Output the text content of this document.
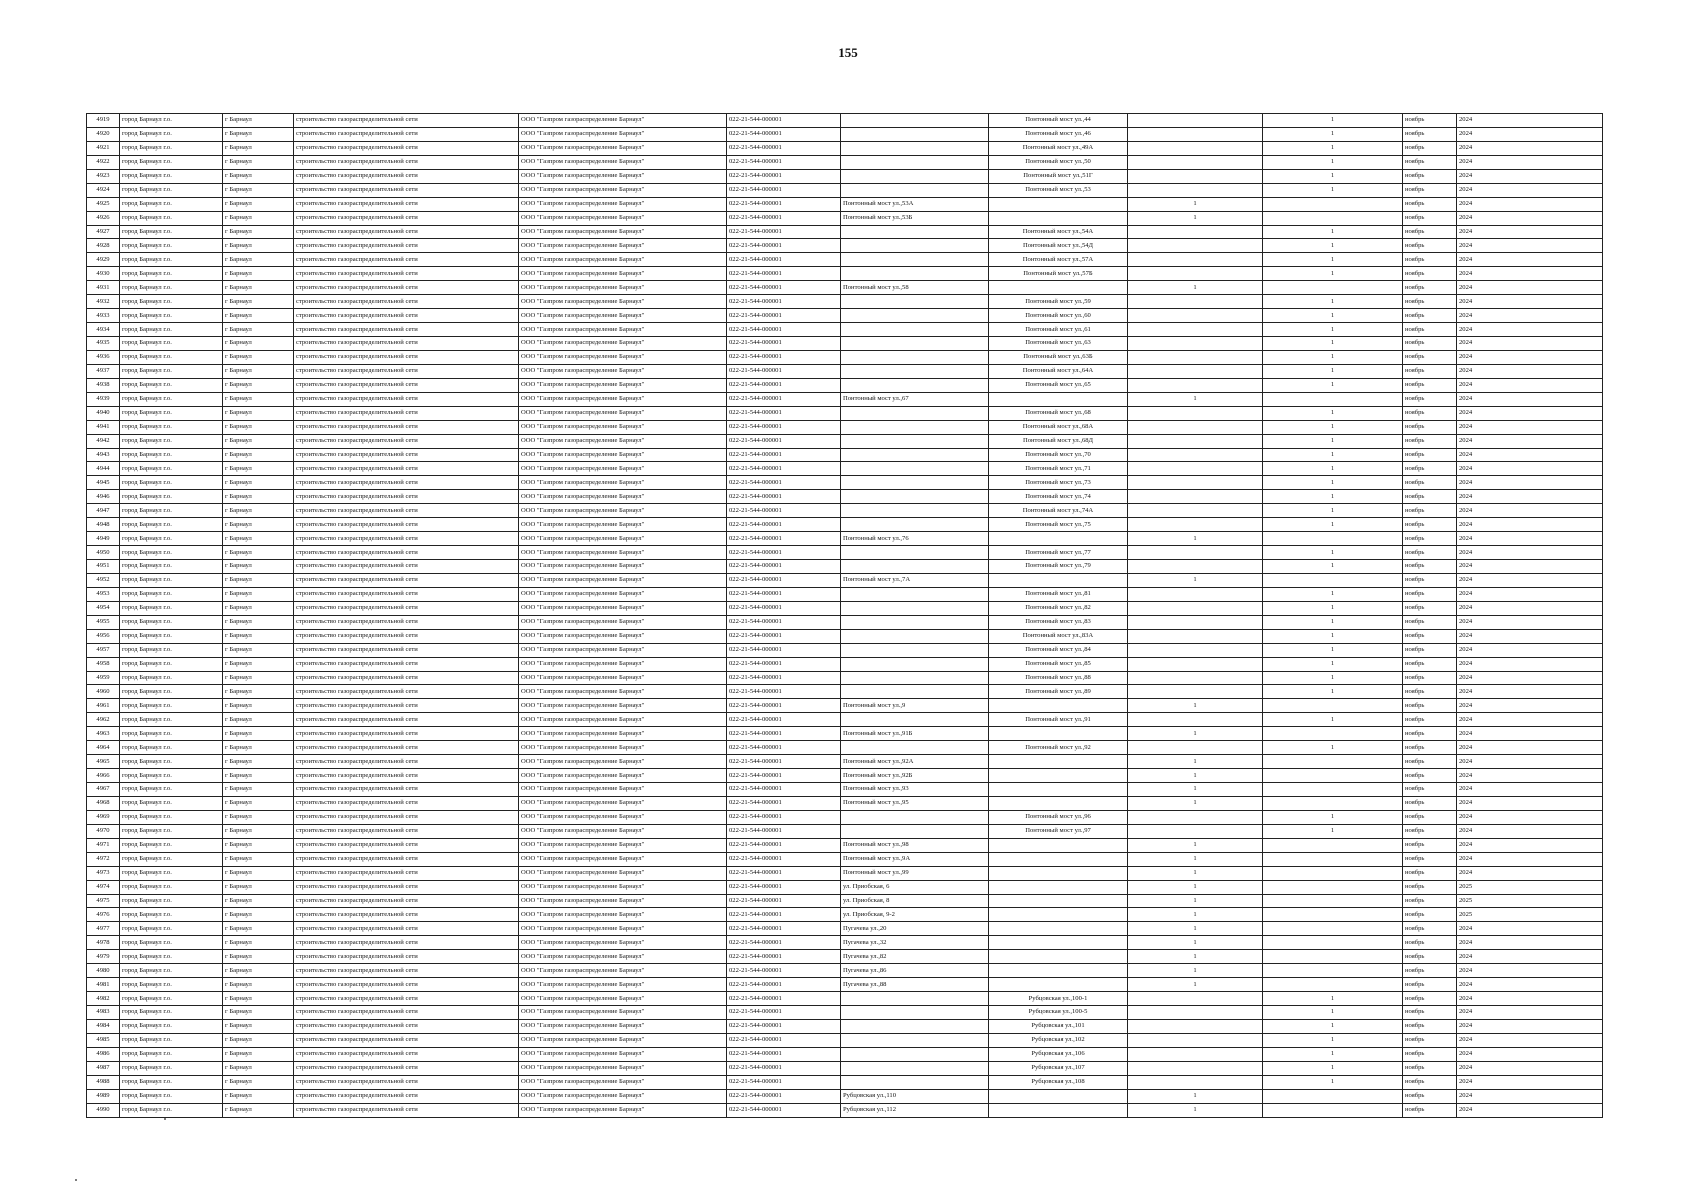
155
4919	город Барнаул г.о.	г Барнаул	строительство газораспределительной сети	ООО "Газпром газораспределение Барнаул"	022-21-544-000001		Понтонный мост ул.,44		1	ноябрь	2024
4920	город Барнаул г.о.	г Барнаул	строительство газораспределительной сети	ООО "Газпром газораспределение Барнаул"	022-21-544-000001		Понтонный мост ул.,46		1	ноябрь	2024
4921	город Барнаул г.о.	г Барнаул	строительство газораспределительной сети	ООО "Газпром газораспределение Барнаул"	022-21-544-000001		Понтонный мост ул.,49А		1	ноябрь	2024
4922	город Барнаул г.о.	г Барнаул	строительство газораспределительной сети	ООО "Газпром газораспределение Барнаул"	022-21-544-000001		Понтонный мост ул.,50		1	ноябрь	2024
4923	город Барнаул г.о.	г Барнаул	строительство газораспределительной сети	ООО "Газпром газораспределение Барнаул"	022-21-544-000001		Понтонный мост ул.,51Г		1	ноябрь	2024
4924	город Барнаул г.о.	г Барнаул	строительство газораспределительной сети	ООО "Газпром газораспределение Барнаул"	022-21-544-000001		Понтонный мост ул.,53		1	ноябрь	2024
4925	город Барнаул г.о.	г Барнаул	строительство газораспределительной сети	ООО "Газпром газораспределение Барнаул"	022-21-544-000001	Понтонный мост ул.,53А		1		ноябрь	2024
4926	город Барнаул г.о.	г Барнаул	строительство газораспределительной сети	ООО "Газпром газораспределение Барнаул"	022-21-544-000001	Понтонный мост ул.,53Б		1		ноябрь	2024
4927	город Барнаул г.о.	г Барнаул	строительство газораспределительной сети	ООО "Газпром газораспределение Барнаул"	022-21-544-000001		Понтонный мост ул.,54А		1	ноябрь	2024
4928	город Барнаул г.о.	г Барнаул	строительство газораспределительной сети	ООО "Газпром газораспределение Барнаул"	022-21-544-000001		Понтонный мост ул.,54Д		1	ноябрь	2024
4929	город Барнаул г.о.	г Барнаул	строительство газораспределительной сети	ООО "Газпром газораспределение Барнаул"	022-21-544-000001		Понтонный мост ул.,57А		1	ноябрь	2024
4930	город Барнаул г.о.	г Барнаул	строительство газораспределительной сети	ООО "Газпром газораспределение Барнаул"	022-21-544-000001		Понтонный мост ул.,57Б		1	ноябрь	2024
4931	город Барнаул г.о.	г Барнаул	строительство газораспределительной сети	ООО "Газпром газораспределение Барнаул"	022-21-544-000001	Понтонный мост ул.,58		1		ноябрь	2024
4932	город Барнаул г.о.	г Барнаул	строительство газораспределительной сети	ООО "Газпром газораспределение Барнаул"	022-21-544-000001		Понтонный мост ул.,59		1	ноябрь	2024
4933	город Барнаул г.о.	г Барнаул	строительство газораспределительной сети	ООО "Газпром газораспределение Барнаул"	022-21-544-000001		Понтонный мост ул.,60		1	ноябрь	2024
4934	город Барнаул г.о.	г Барнаул	строительство газораспределительной сети	ООО "Газпром газораспределение Барнаул"	022-21-544-000001		Понтонный мост ул.,61		1	ноябрь	2024
4935	город Барнаул г.о.	г Барнаул	строительство газораспределительной сети	ООО "Газпром газораспределение Барнаул"	022-21-544-000001		Понтонный мост ул.,63		1	ноябрь	2024
4936	город Барнаул г.о.	г Барнаул	строительство газораспределительной сети	ООО "Газпром газораспределение Барнаул"	022-21-544-000001		Понтонный мост ул.,63Б		1	ноябрь	2024
4937	город Барнаул г.о.	г Барнаул	строительство газораспределительной сети	ООО "Газпром газораспределение Барнаул"	022-21-544-000001		Понтонный мост ул.,64А		1	ноябрь	2024
4938	город Барнаул г.о.	г Барнаул	строительство газораспределительной сети	ООО "Газпром газораспределение Барнаул"	022-21-544-000001		Понтонный мост ул.,65		1	ноябрь	2024
4939	город Барнаул г.о.	г Барнаул	строительство газораспределительной сети	ООО "Газпром газораспределение Барнаул"	022-21-544-000001	Понтонный мост ул.,67		1		ноябрь	2024
4940	город Барнаул г.о.	г Барнаул	строительство газораспределительной сети	ООО "Газпром газораспределение Барнаул"	022-21-544-000001		Понтонный мост ул.,68		1	ноябрь	2024
4941	город Барнаул г.о.	г Барнаул	строительство газораспределительной сети	ООО "Газпром газораспределение Барнаул"	022-21-544-000001		Понтонный мост ул.,68А		1	ноябрь	2024
4942	город Барнаул г.о.	г Барнаул	строительство газораспределительной сети	ООО "Газпром газораспределение Барнаул"	022-21-544-000001		Понтонный мост ул.,68Д		1	ноябрь	2024
4943	город Барнаул г.о.	г Барнаул	строительство газораспределительной сети	ООО "Газпром газораспределение Барнаул"	022-21-544-000001		Понтонный мост ул.,70		1	ноябрь	2024
4944	город Барнаул г.о.	г Барнаул	строительство газораспределительной сети	ООО "Газпром газораспределение Барнаул"	022-21-544-000001		Понтонный мост ул.,71		1	ноябрь	2024
4945	город Барнаул г.о.	г Барнаул	строительство газораспределительной сети	ООО "Газпром газораспределение Барнаул"	022-21-544-000001		Понтонный мост ул.,73		1	ноябрь	2024
4946	город Барнаул г.о.	г Барнаул	строительство газораспределительной сети	ООО "Газпром газораспределение Барнаул"	022-21-544-000001		Понтонный мост ул.,74		1	ноябрь	2024
4947	город Барнаул г.о.	г Барнаул	строительство газораспределительной сети	ООО "Газпром газораспределение Барнаул"	022-21-544-000001		Понтонный мост ул.,74А		1	ноябрь	2024
4948	город Барнаул г.о.	г Барнаул	строительство газораспределительной сети	ООО "Газпром газораспределение Барнаул"	022-21-544-000001		Понтонный мост ул.,75		1	ноябрь	2024
4949	город Барнаул г.о.	г Барнаул	строительство газораспределительной сети	ООО "Газпром газораспределение Барнаул"	022-21-544-000001	Понтонный мост ул.,76		1		ноябрь	2024
4950	город Барнаул г.о.	г Барнаул	строительство газораспределительной сети	ООО "Газпром газораспределение Барнаул"	022-21-544-000001		Понтонный мост ул.,77		1	ноябрь	2024
4951	город Барнаул г.о.	г Барнаул	строительство газораспределительной сети	ООО "Газпром газораспределение Барнаул"	022-21-544-000001		Понтонный мост ул.,79		1	ноябрь	2024
4952	город Барнаул г.о.	г Барнаул	строительство газораспределительной сети	ООО "Газпром газораспределение Барнаул"	022-21-544-000001	Понтонный мост ул.,7А		1		ноябрь	2024
4953	город Барнаул г.о.	г Барнаул	строительство газораспределительной сети	ООО "Газпром газораспределение Барнаул"	022-21-544-000001		Понтонный мост ул.,81		1	ноябрь	2024
4954	город Барнаул г.о.	г Барнаул	строительство газораспределительной сети	ООО "Газпром газораспределение Барнаул"	022-21-544-000001		Понтонный мост ул.,82		1	ноябрь	2024
4955	город Барнаул г.о.	г Барнаул	строительство газораспределительной сети	ООО "Газпром газораспределение Барнаул"	022-21-544-000001		Понтонный мост ул.,83		1	ноябрь	2024
4956	город Барнаул г.о.	г Барнаул	строительство газораспределительной сети	ООО "Газпром газораспределение Барнаул"	022-21-544-000001		Понтонный мост ул.,83А		1	ноябрь	2024
4957	город Барнаул г.о.	г Барнаул	строительство газораспределительной сети	ООО "Газпром газораспределение Барнаул"	022-21-544-000001		Понтонный мост ул.,84		1	ноябрь	2024
4958	город Барнаул г.о.	г Барнаул	строительство газораспределительной сети	ООО "Газпром газораспределение Барнаул"	022-21-544-000001		Понтонный мост ул.,85		1	ноябрь	2024
4959	город Барнаул г.о.	г Барнаул	строительство газораспределительной сети	ООО "Газпром газораспределение Барнаул"	022-21-544-000001		Понтонный мост ул.,88		1	ноябрь	2024
4960	город Барнаул г.о.	г Барнаул	строительство газораспределительной сети	ООО "Газпром газораспределение Барнаул"	022-21-544-000001		Понтонный мост ул.,89		1	ноябрь	2024
4961	город Барнаул г.о.	г Барнаул	строительство газораспределительной сети	ООО "Газпром газораспределение Барнаул"	022-21-544-000001	Понтонный мост ул.,9		1		ноябрь	2024
4962	город Барнаул г.о.	г Барнаул	строительство газораспределительной сети	ООО "Газпром газораспределение Барнаул"	022-21-544-000001		Понтонный мост ул.,91		1	ноябрь	2024
4963	город Барнаул г.о.	г Барнаул	строительство газораспределительной сети	ООО "Газпром газораспределение Барнаул"	022-21-544-000001	Понтонный мост ул.,91Б		1		ноябрь	2024
4964	город Барнаул г.о.	г Барнаул	строительство газораспределительной сети	ООО "Газпром газораспределение Барнаул"	022-21-544-000001		Понтонный мост ул.,92		1	ноябрь	2024
4965	город Барнаул г.о.	г Барнаул	строительство газораспределительной сети	ООО "Газпром газораспределение Барнаул"	022-21-544-000001	Понтонный мост ул.,92А		1		ноябрь	2024
4966	город Барнаул г.о.	г Барнаул	строительство газораспределительной сети	ООО "Газпром газораспределение Барнаул"	022-21-544-000001	Понтонный мост ул.,92Б		1		ноябрь	2024
4967	город Барнаул г.о.	г Барнаул	строительство газораспределительной сети	ООО "Газпром газораспределение Барнаул"	022-21-544-000001	Понтонный мост ул.,93		1		ноябрь	2024
4968	город Барнаул г.о.	г Барнаул	строительство газораспределительной сети	ООО "Газпром газораспределение Барнаул"	022-21-544-000001	Понтонный мост ул.,95		1		ноябрь	2024
4969	город Барнаул г.о.	г Барнаул	строительство газораспределительной сети	ООО "Газпром газораспределение Барнаул"	022-21-544-000001		Понтонный мост ул.,96		1	ноябрь	2024
4970	город Барнаул г.о.	г Барнаул	строительство газораспределительной сети	ООО "Газпром газораспределение Барнаул"	022-21-544-000001		Понтонный мост ул.,97		1	ноябрь	2024
4971	город Барнаул г.о.	г Барнаул	строительство газораспределительной сети	ООО "Газпром газораспределение Барнаул"	022-21-544-000001	Понтонный мост ул.,98		1		ноябрь	2024
4972	город Барнаул г.о.	г Барнаул	строительство газораспределительной сети	ООО "Газпром газораспределение Барнаул"	022-21-544-000001	Понтонный мост ул.,9А		1		ноябрь	2024
4973	город Барнаул г.о.	г Барнаул	строительство газораспределительной сети	ООО "Газпром газораспределение Барнаул"	022-21-544-000001	Понтонный мост ул.,99		1		ноябрь	2024
4974	город Барнаул г.о.	г Барнаул	строительство газораспределительной сети	ООО "Газпром газораспределение Барнаул"	022-21-544-000001	ул. Приобская, 6		1		ноябрь	2025
4975	город Барнаул г.о.	г Барнаул	строительство газораспределительной сети	ООО "Газпром газораспределение Барнаул"	022-21-544-000001	ул. Приобская, 8		1		ноябрь	2025
4976	город Барнаул г.о.	г Барнаул	строительство газораспределительной сети	ООО "Газпром газораспределение Барнаул"	022-21-544-000001	ул. Приобская, 9-2		1		ноябрь	2025
4977	город Барнаул г.о.	г Барнаул	строительство газораспределительной сети	ООО "Газпром газораспределение Барнаул"	022-21-544-000001	Пугачева ул.,20		1		ноябрь	2024
4978	город Барнаул г.о.	г Барнаул	строительство газораспределительной сети	ООО "Газпром газораспределение Барнаул"	022-21-544-000001	Пугачева ул.,32		1		ноябрь	2024
4979	город Барнаул г.о.	г Барнаул	строительство газораспределительной сети	ООО "Газпром газораспределение Барнаул"	022-21-544-000001	Пугачева ул.,82		1		ноябрь	2024
4980	город Барнаул г.о.	г Барнаул	строительство газораспределительной сети	ООО "Газпром газораспределение Барнаул"	022-21-544-000001	Пугачева ул.,86		1		ноябрь	2024
4981	город Барнаул г.о.	г Барнаул	строительство газораспределительной сети	ООО "Газпром газораспределение Барнаул"	022-21-544-000001	Пугачева ул.,88		1		ноябрь	2024
4982	город Барнаул г.о.	г Барнаул	строительство газораспределительной сети	ООО "Газпром газораспределение Барнаул"	022-21-544-000001		Рубцовская ул.,100-1		1	ноябрь	2024
4983	город Барнаул г.о.	г Барнаул	строительство газораспределительной сети	ООО "Газпром газораспределение Барнаул"	022-21-544-000001		Рубцовская ул.,100-5		1	ноябрь	2024
4984	город Барнаул г.о.	г Барнаул	строительство газораспределительной сети	ООО "Газпром газораспределение Барнаул"	022-21-544-000001		Рубцовская ул.,101		1	ноябрь	2024
4985	город Барнаул г.о.	г Барнаул	строительство газораспределительной сети	ООО "Газпром газораспределение Барнаул"	022-21-544-000001		Рубцовская ул.,102		1	ноябрь	2024
4986	город Барнаул г.о.	г Барнаул	строительство газораспределительной сети	ООО "Газпром газораспределение Барнаул"	022-21-544-000001		Рубцовская ул.,106		1	ноябрь	2024
4987	город Барнаул г.о.	г Барнаул	строительство газораспределительной сети	ООО "Газпром газораспределение Барнаул"	022-21-544-000001		Рубцовская ул.,107		1	ноябрь	2024
4988	город Барнаул г.о.	г Барнаул	строительство газораспределительной сети	ООО "Газпром газораспределение Барнаул"	022-21-544-000001		Рубцовская ул.,108		1	ноябрь	2024
4989	город Барнаул г.о.	г Барнаул	строительство газораспределительной сети	ООО "Газпром газораспределение Барнаул"	022-21-544-000001	Рубцовская ул.,110		1		ноябрь	2024
4990	город Барнаул г.о.	г Барнаул	строительство газораспределительной сети	ООО "Газпром газораспределение Барнаул"	022-21-544-000001	Рубцовская ул.,112		1		ноябрь	2024
